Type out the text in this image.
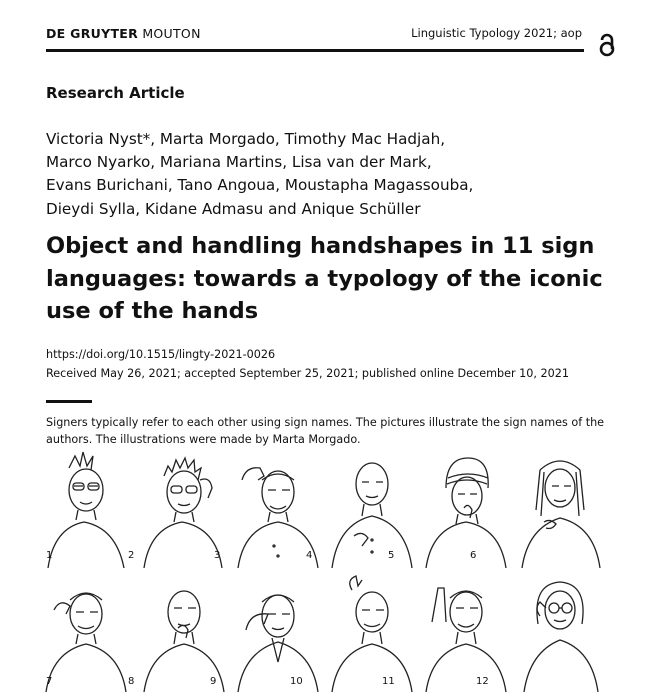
DE GRUYTER MOUTON	Linguistic Typology 2021; aop
Research Article
Victoria Nyst*, Marta Morgado, Timothy Mac Hadjah,
Marco Nyarko, Mariana Martins, Lisa van der Mark,
Evans Burichani, Tano Angoua, Moustapha Magassouba,
Dieydi Sylla, Kidane Admasu and Anique Schüller
Object and handling handshapes in 11 sign
languages: towards a typology of the iconic
use of the hands
https://doi.org/10.1515/lingty-2021-0026
Received May 26, 2021; accepted September 25, 2021; published online December 10, 2021
Signers typically refer to each other using sign names. The pictures illustrate the sign names of the
authors. The illustrations were made by Marta Morgado.
1	2	3	4	5	6
7	8	9	10	11	12
